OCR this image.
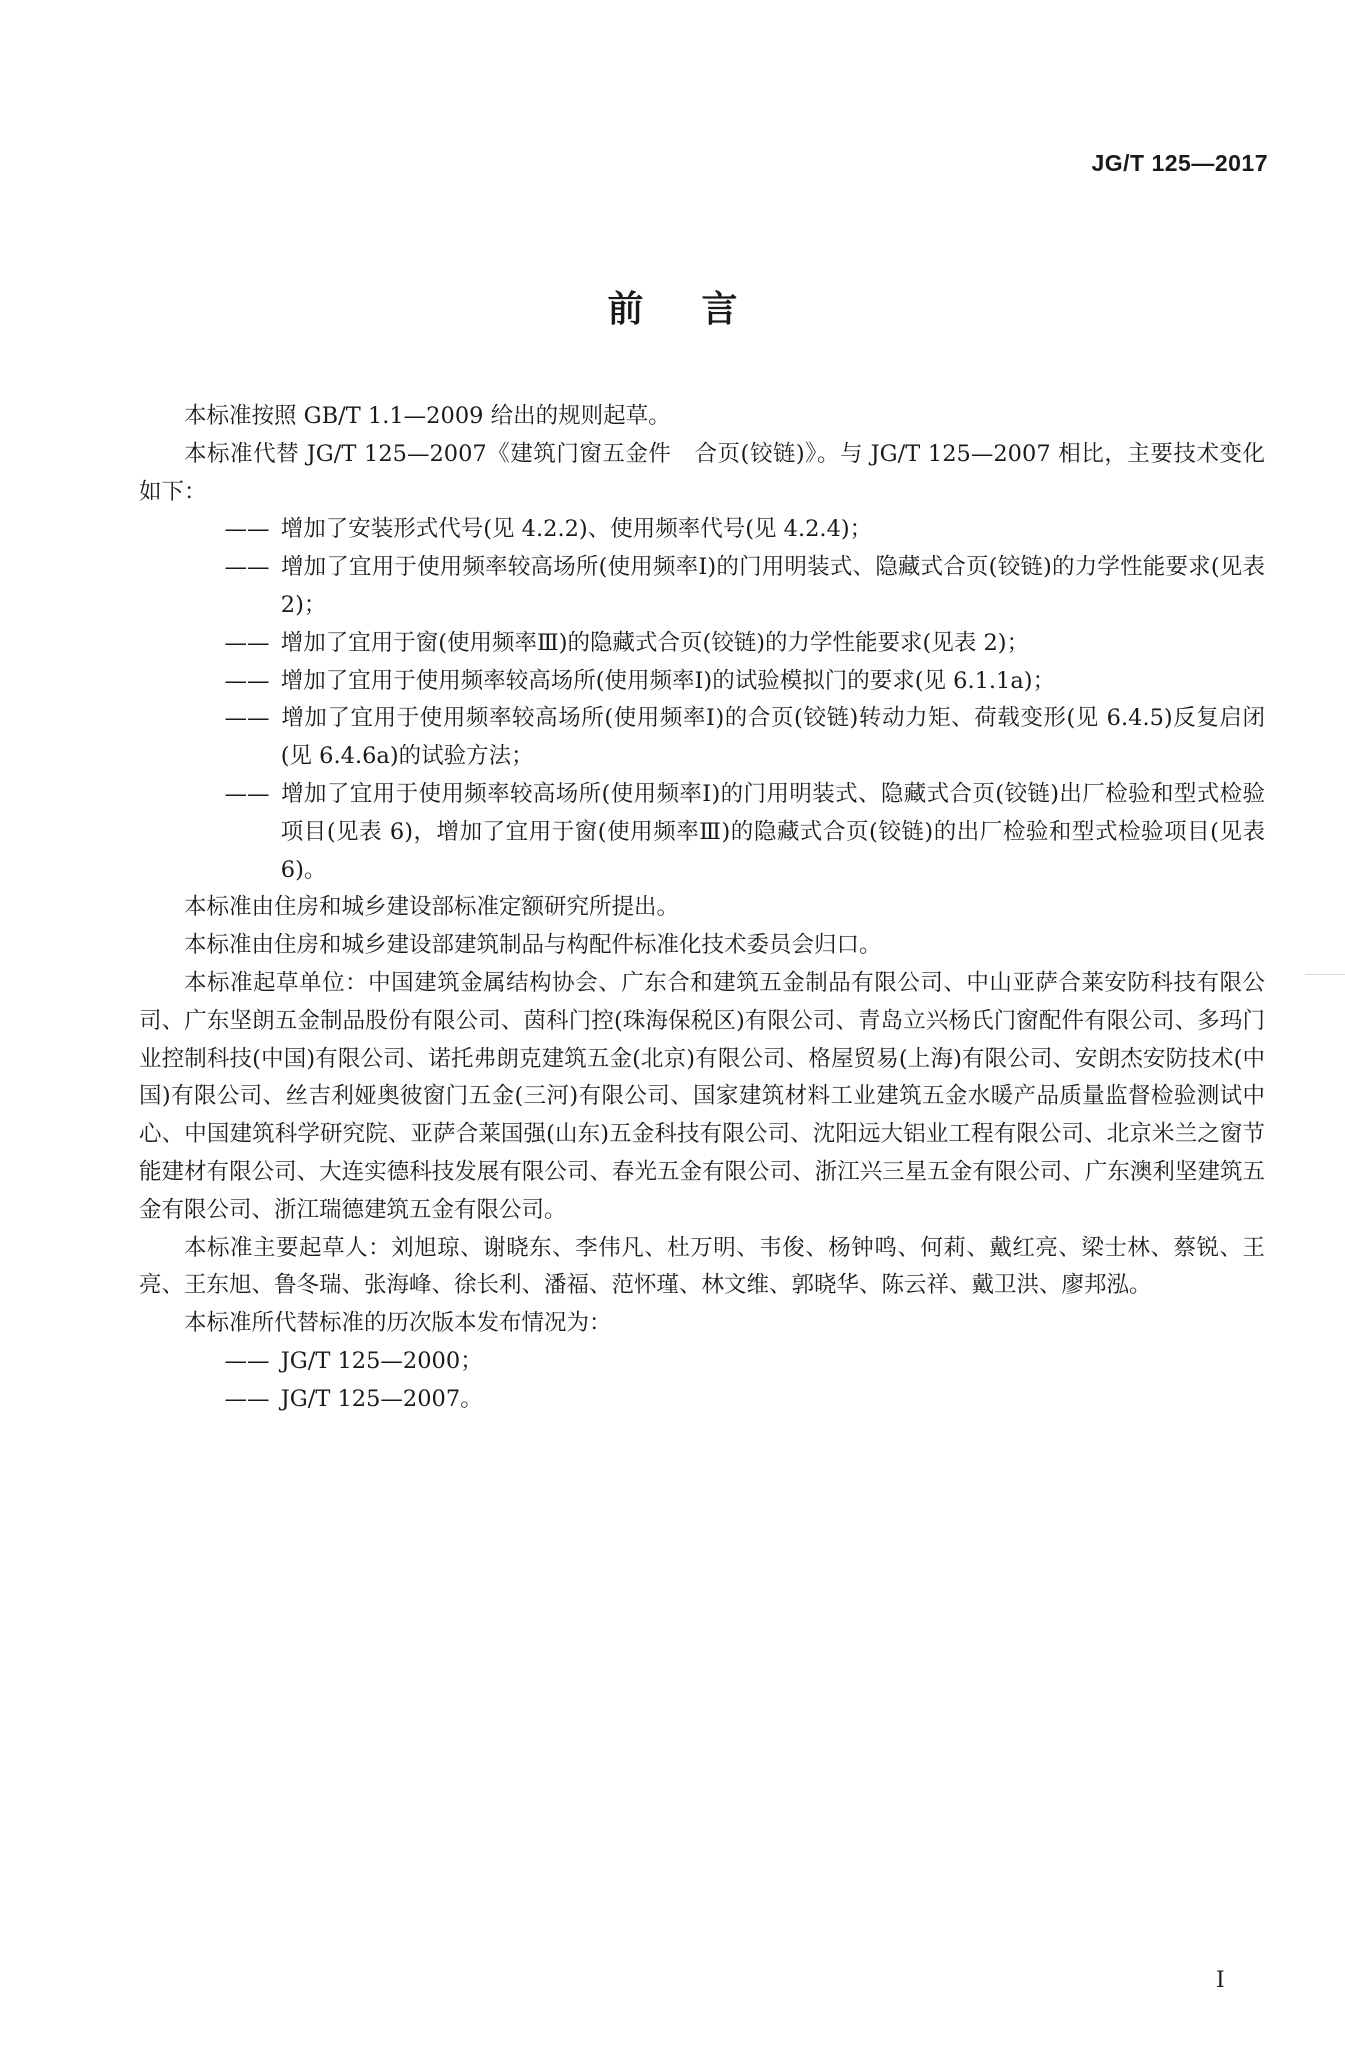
JG/T 125—2017
前言

本标准按照 GB/T 1.1—2009 给出的规则起草。

本标准代替 JG/T 125—2007《建筑门窗五金件　合页(铰链)》。与 JG/T 125—2007 相比，主要技术变化如下：

—— 增加了安装形式代号(见 4.2.2)、使用频率代号(见 4.2.4)；

—— 增加了宜用于使用频率较高场所(使用频率Ⅰ)的门用明装式、隐藏式合页(铰链)的力学性能要求(见表 2)；

—— 增加了宜用于窗(使用频率Ⅲ)的隐藏式合页(铰链)的力学性能要求(见表 2)；

—— 增加了宜用于使用频率较高场所(使用频率Ⅰ)的试验模拟门的要求(见 6.1.1a)；

—— 增加了宜用于使用频率较高场所(使用频率Ⅰ)的合页(铰链)转动力矩、荷载变形(见 6.4.5)反复启闭(见 6.4.6a)的试验方法；

—— 增加了宜用于使用频率较高场所(使用频率Ⅰ)的门用明装式、隐藏式合页(铰链)出厂检验和型式检验项目(见表 6)，增加了宜用于窗(使用频率Ⅲ)的隐藏式合页(铰链)的出厂检验和型式检验项目(见表 6)。

本标准由住房和城乡建设部标准定额研究所提出。

本标准由住房和城乡建设部建筑制品与构配件标准化技术委员会归口。

本标准起草单位：中国建筑金属结构协会、广东合和建筑五金制品有限公司、中山亚萨合莱安防科技有限公司、广东坚朗五金制品股份有限公司、茵科门控(珠海保税区)有限公司、青岛立兴杨氏门窗配件有限公司、多玛门业控制科技(中国)有限公司、诺托弗朗克建筑五金(北京)有限公司、格屋贸易(上海)有限公司、安朗杰安防技术(中国)有限公司、丝吉利娅奥彼窗门五金(三河)有限公司、国家建筑材料工业建筑五金水暖产品质量监督检验测试中心、中国建筑科学研究院、亚萨合莱国强(山东)五金科技有限公司、沈阳远大铝业工程有限公司、北京米兰之窗节能建材有限公司、大连实德科技发展有限公司、春光五金有限公司、浙江兴三星五金有限公司、广东澳利坚建筑五金有限公司、浙江瑞德建筑五金有限公司。

本标准主要起草人：刘旭琼、谢晓东、李伟凡、杜万明、韦俊、杨钟鸣、何莉、戴红亮、梁士林、蔡锐、王亮、王东旭、鲁冬瑞、张海峰、徐长利、潘福、范怀瑾、林文维、郭晓华、陈云祥、戴卫洪、廖邦泓。

本标准所代替标准的历次版本发布情况为：

—— JG/T 125—2000；

—— JG/T 125—2007。

Ⅰ
